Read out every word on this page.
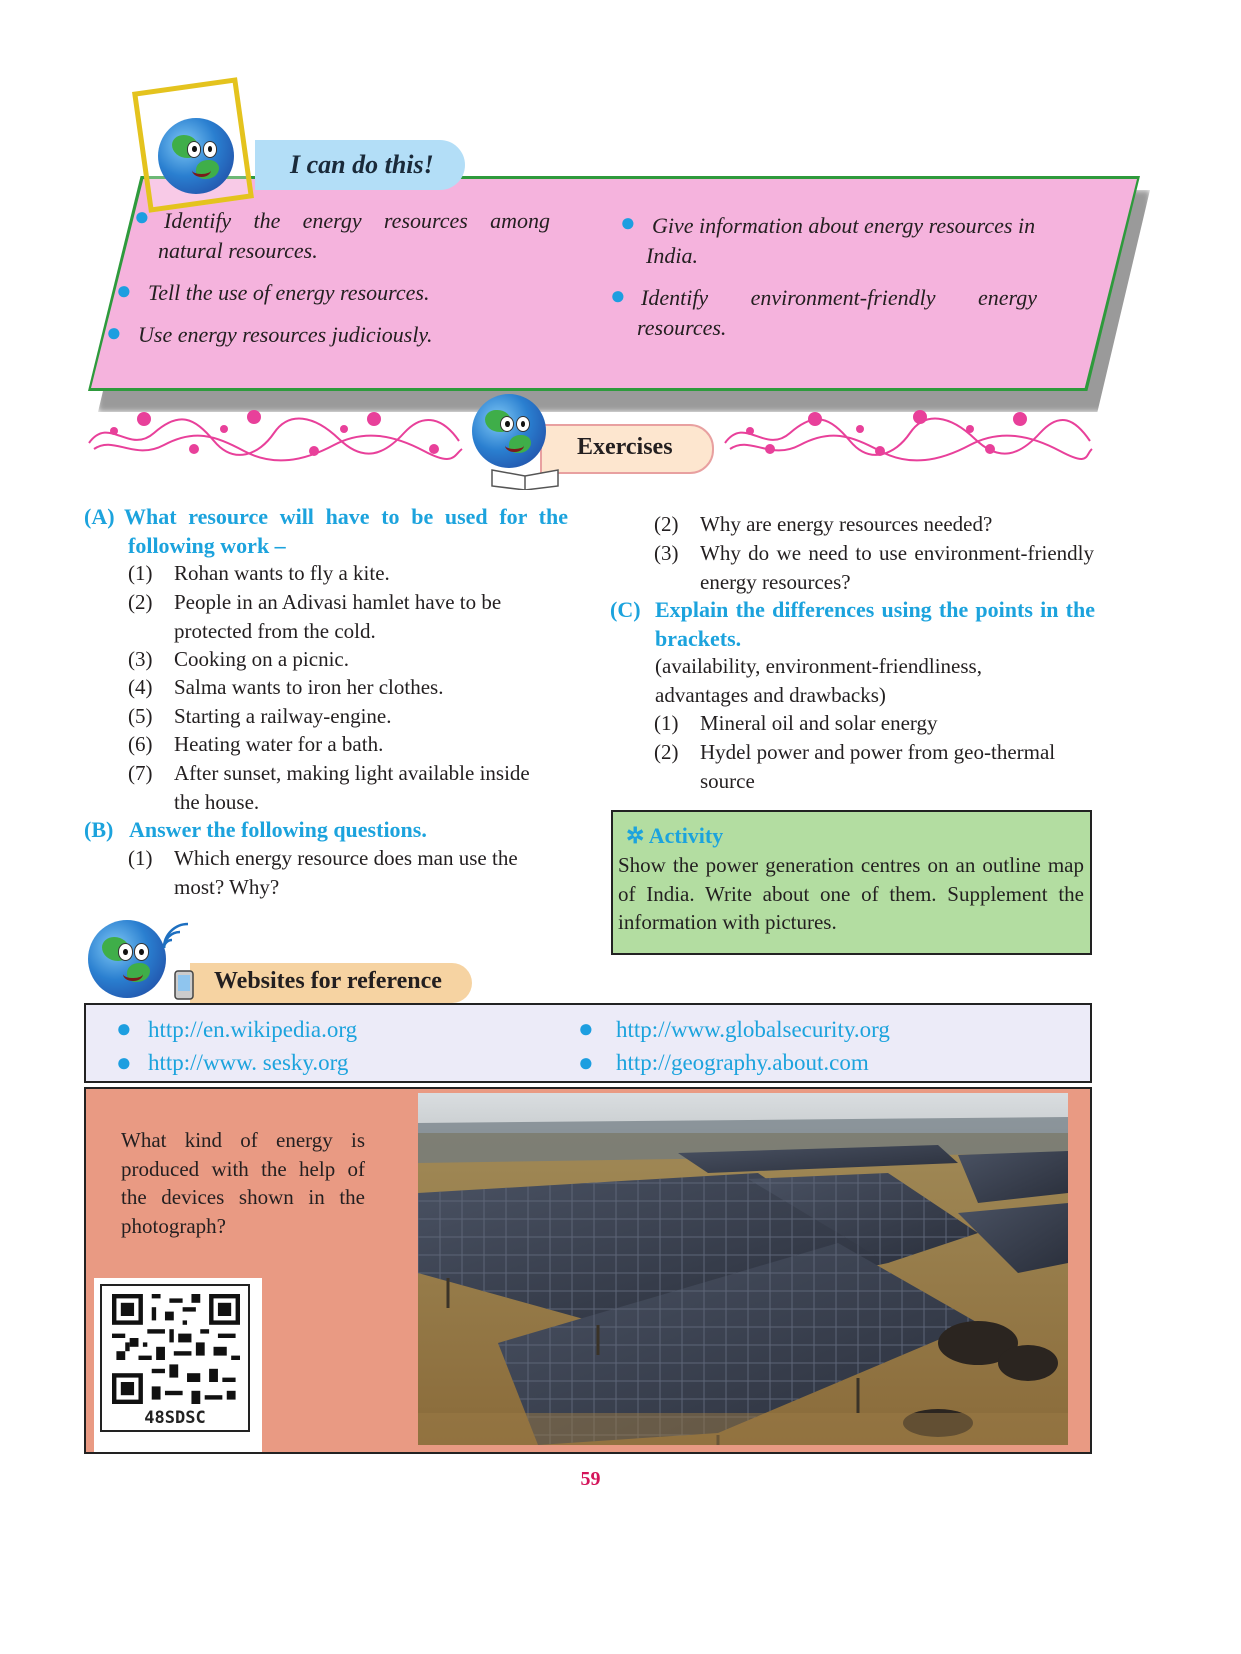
I can do this!
● Identify the energy resources among natural resources.
● Tell the use of energy resources.
● Use energy resources judiciously.
● Give information about energy resources in India.
● Identify environment-friendly energy resources.
Exercises
(A) What resource will have to be used for the following work –
(1) Rohan wants to fly a kite.
(2) People in an Adivasi hamlet have to be protected from the cold.
(3) Cooking on a picnic.
(4) Salma wants to iron her clothes.
(5) Starting a railway-engine.
(6) Heating water for a bath.
(7) After sunset, making light available inside the house.
(B) Answer the following questions.
(1) Which energy resource does man use the most? Why?
(2) Why are energy resources needed?
(3) Why do we need to use environment-friendly energy resources?
(C) Explain the differences using the points in the brackets.
(availability, environment-friendliness, advantages and drawbacks)
(1) Mineral oil and solar energy
(2) Hydel power and power from geo-thermal source
✲ Activity
Show the power generation centres on an outline map of India. Write about one of them. Supplement the information with pictures.
Websites for reference
● http://en.wikipedia.org
● http://www. sesky.org
● http://www.globalsecurity.org
● http://geography.about.com
What kind of energy is produced with the help of the devices shown in the photograph?
48SDSC
59
